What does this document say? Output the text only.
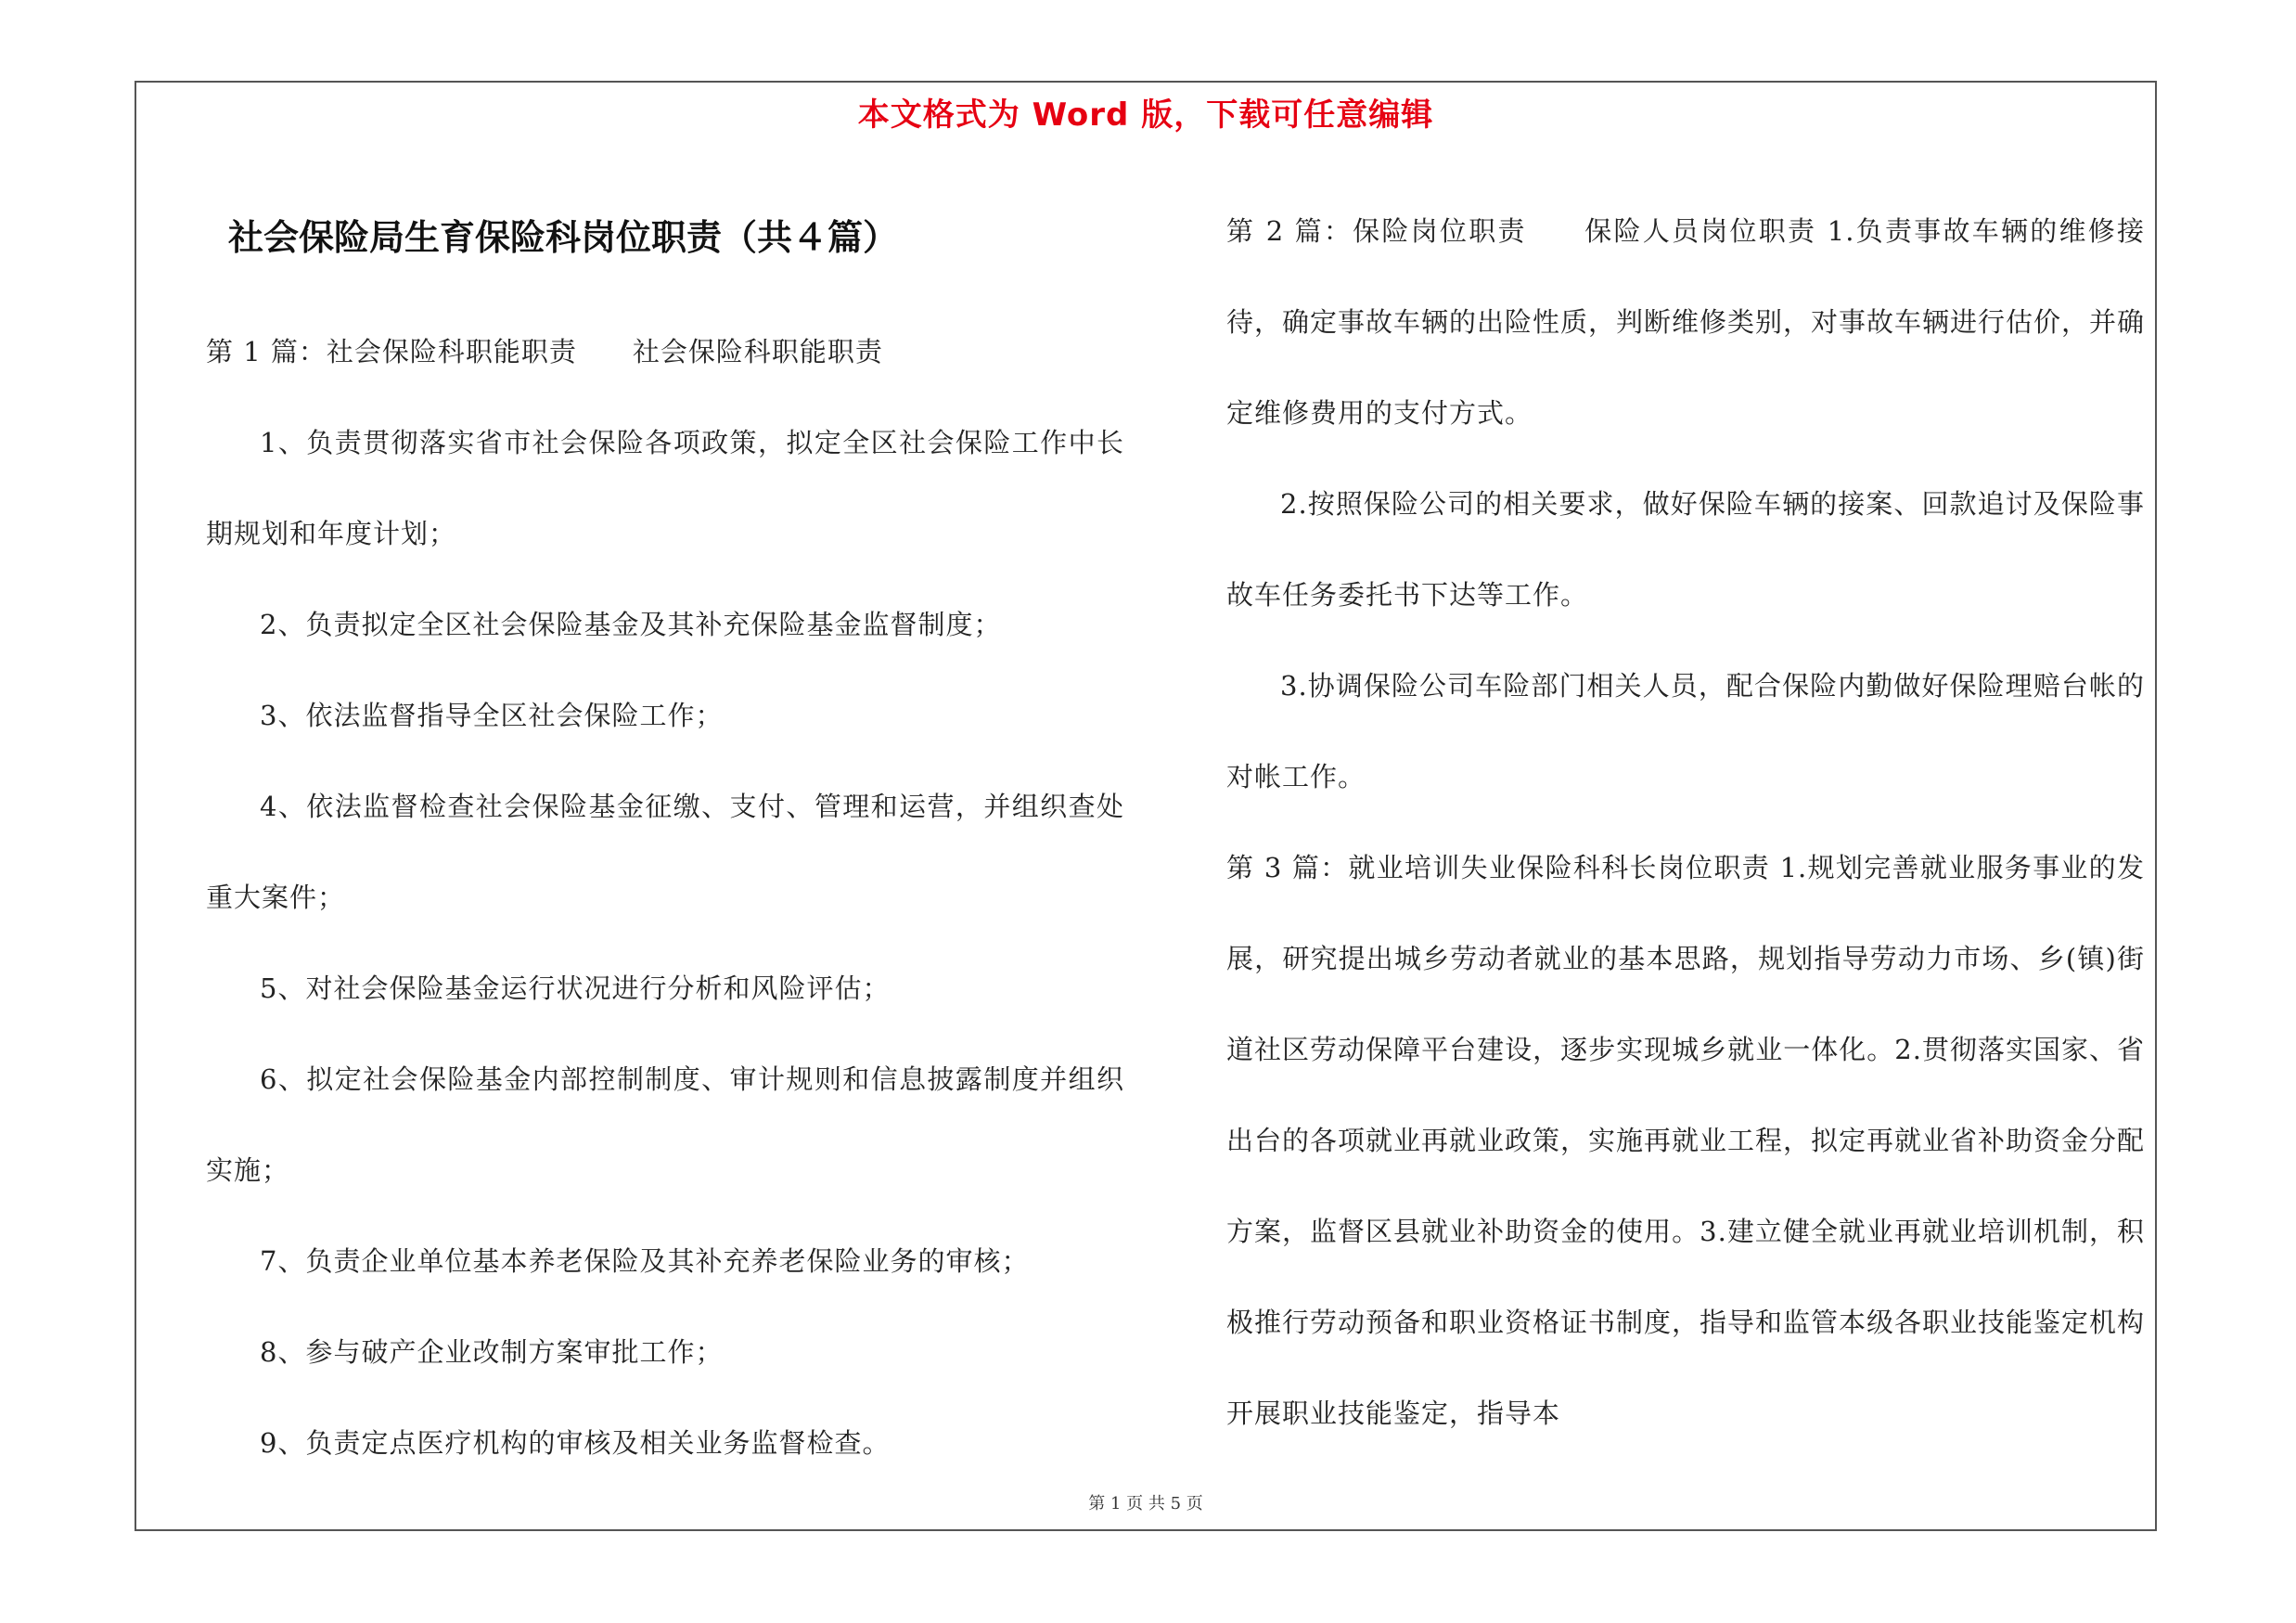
本文格式为 Word 版，下载可任意编辑
社会保险局生育保险科岗位职责（共４篇）

第 1 篇：社会保险科职能职责　　社会保险科职能职责

1、负责贯彻落实省市社会保险各项政策，拟定全区社会保险工作中长期规划和年度计划；

2、负责拟定全区社会保险基金及其补充保险基金监督制度；

3、依法监督指导全区社会保险工作；

4、依法监督检查社会保险基金征缴、支付、管理和运营，并组织查处重大案件；

5、对社会保险基金运行状况进行分析和风险评估；

6、拟定社会保险基金内部控制制度、审计规则和信息披露制度并组织实施；

7、负责企业单位基本养老保险及其补充养老保险业务的审核；

8、参与破产企业改制方案审批工作；

9、负责定点医疗机构的审核及相关业务监督检查。

第 2 篇：保险岗位职责　　保险人员岗位职责 1.负责事故车辆的维修接待，确定事故车辆的出险性质，判断维修类别，对事故车辆进行估价，并确定维修费用的支付方式。

2.按照保险公司的相关要求，做好保险车辆的接案、回款追讨及保险事故车任务委托书下达等工作。

3.协调保险公司车险部门相关人员，配合保险内勤做好保险理赔台帐的对帐工作。

第 3 篇：就业培训失业保险科科长岗位职责 1.规划完善就业服务事业的发展，研究提出城乡劳动者就业的基本思路，规划指导劳动力市场、乡(镇)街道社区劳动保障平台建设，逐步实现城乡就业一体化。2.贯彻落实国家、省出台的各项就业再就业政策，实施再就业工程，拟定再就业省补助资金分配方案，监督区县就业补助资金的使用。3.建立健全就业再就业培训机制，积极推行劳动预备和职业资格证书制度，指导和监管本级各职业技能鉴定机构开展职业技能鉴定，指导本

第 1 页 共 5 页
